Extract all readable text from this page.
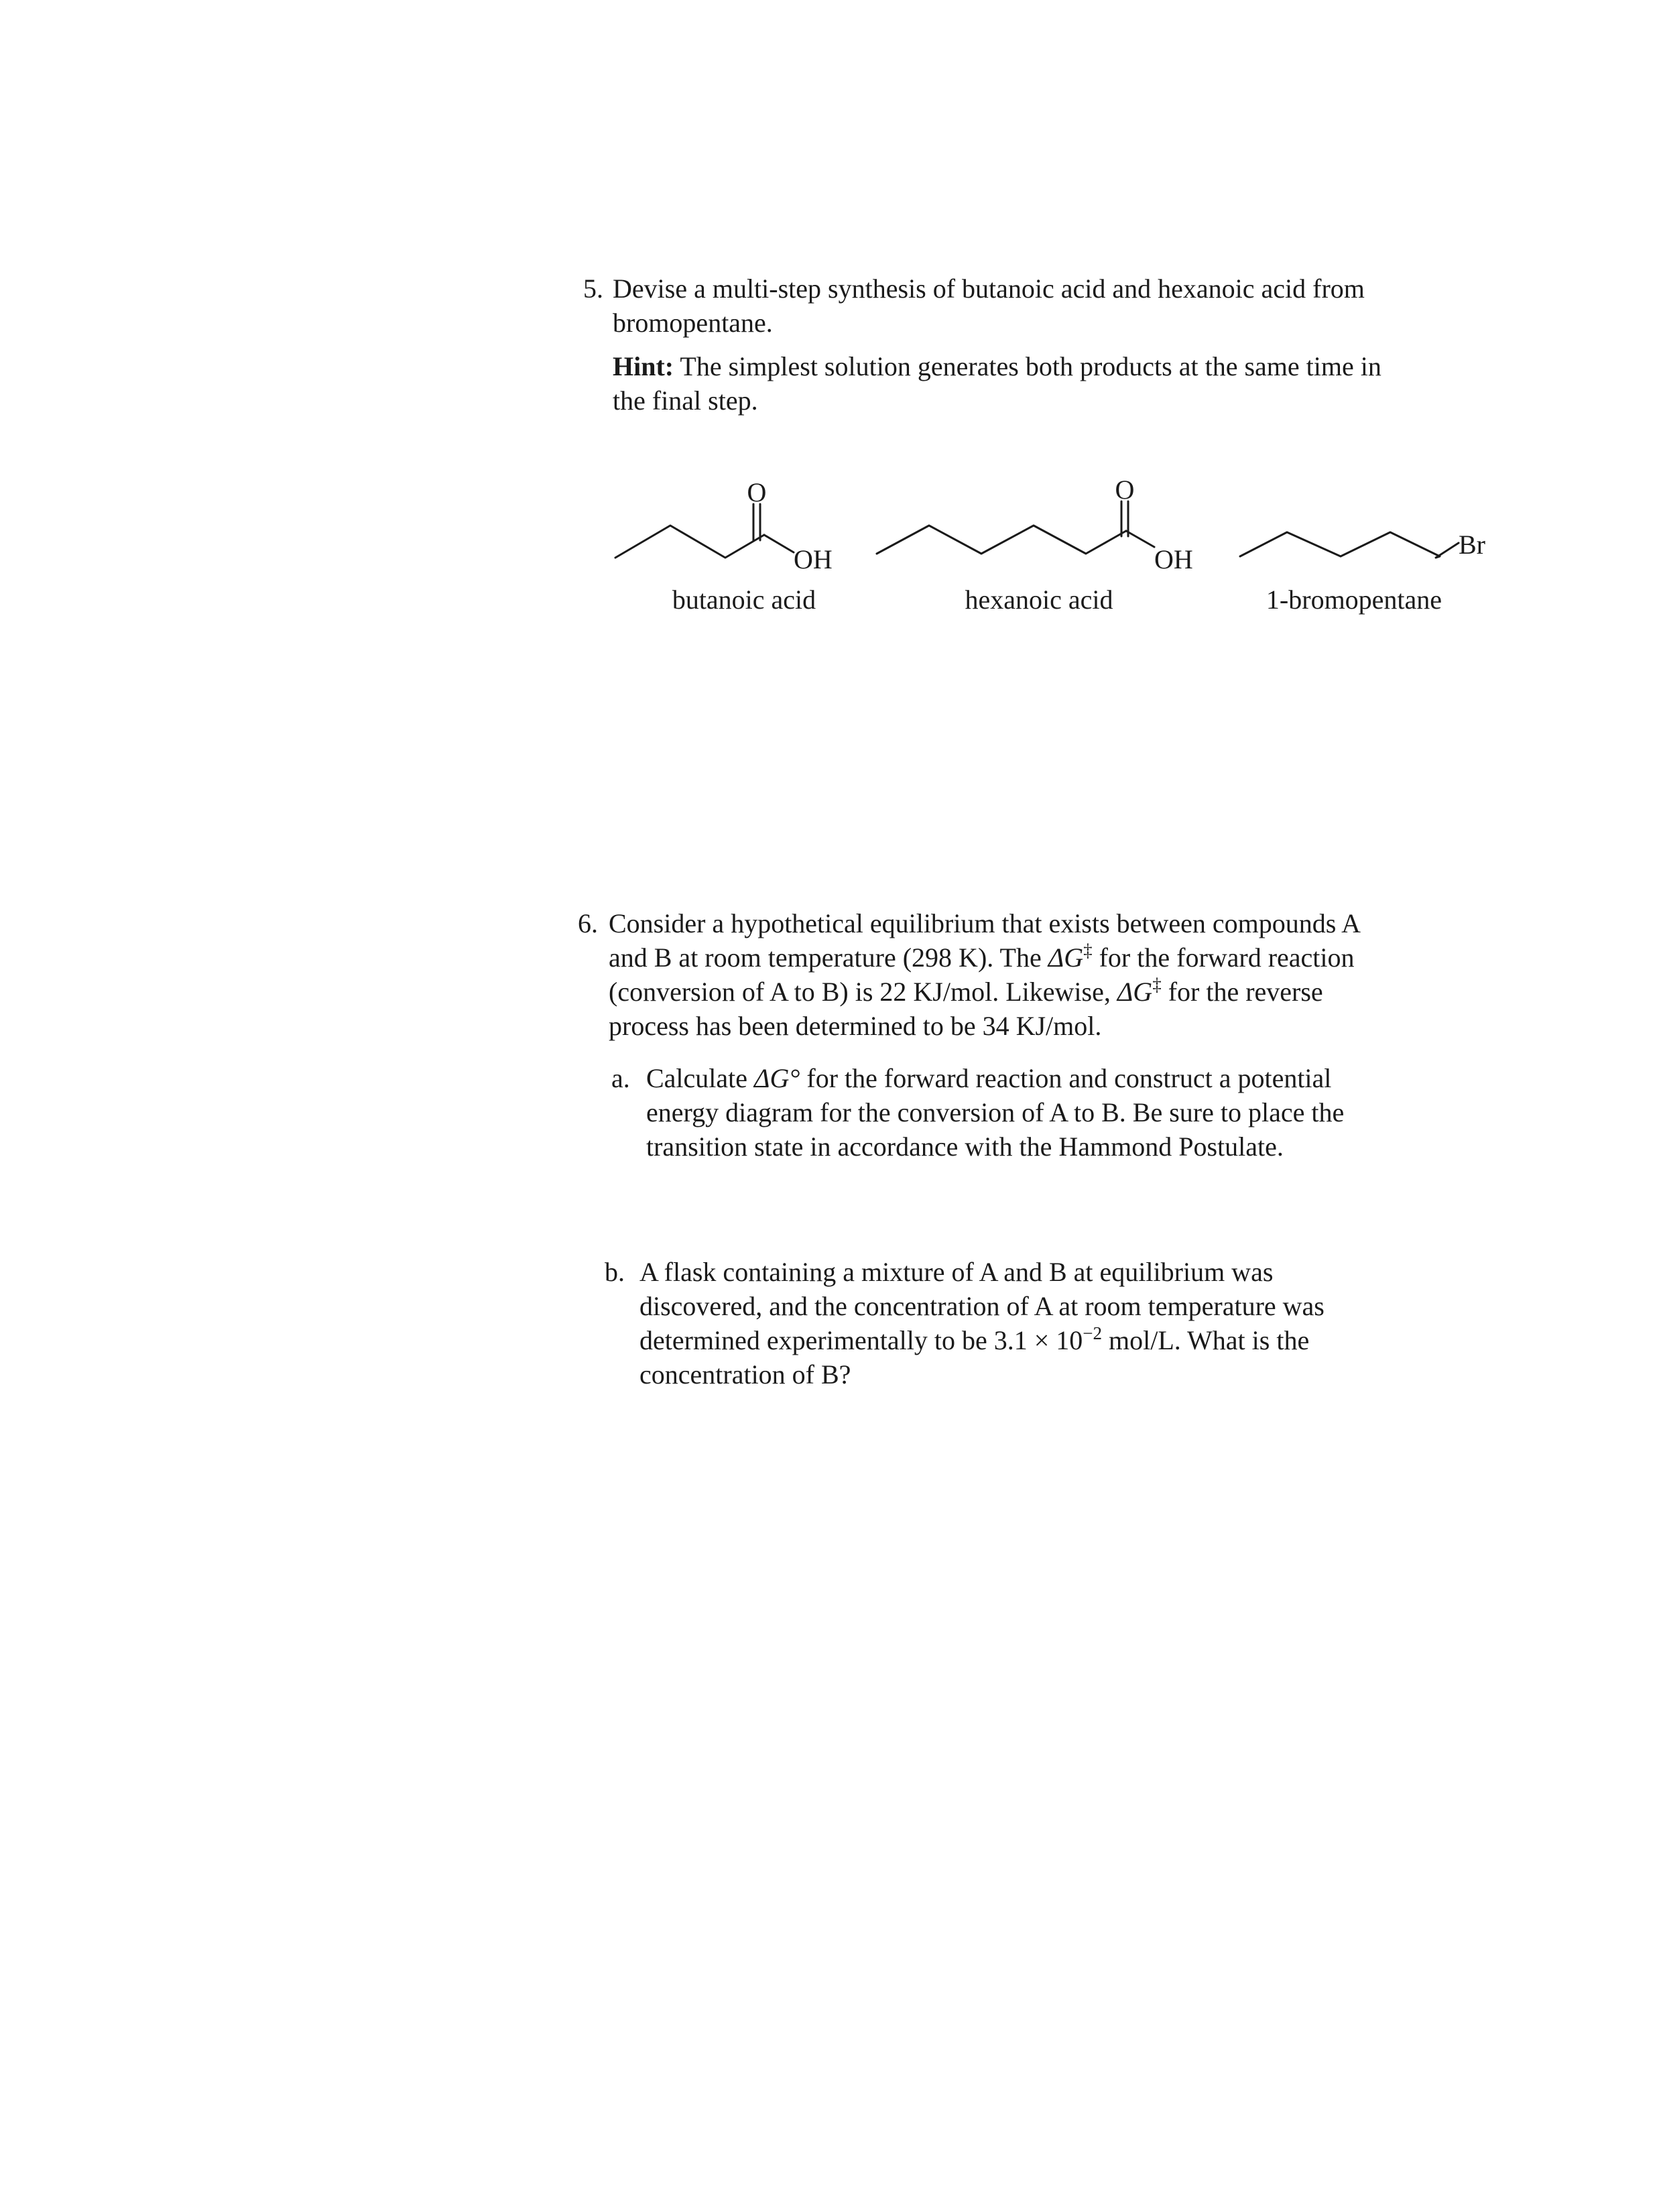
5. Devise a multi-step synthesis of butanoic acid and hexanoic acid from
bromopentane.
Hint: The simplest solution generates both products at the same time in
the final step.
O
OH
O
OH	Br
butanoic acid	hexanoic acid	1-bromopentane
6. Consider a hypothetical equilibrium that exists between compounds A
and B at room temperature (298 K). The ΔG‡ for the forward reaction
(conversion of A to B) is 22 KJ/mol. Likewise, ΔG‡ for the reverse
process has been determined to be 34 KJ/mol.
a. Calculate ΔG° for the forward reaction and construct a potential
energy diagram for the conversion of A to B. Be sure to place the
transition state in accordance with the Hammond Postulate.
b. A flask containing a mixture of A and B at equilibrium was
discovered, and the concentration of A at room temperature was
determined experimentally to be $3.1 \times 10^{-2}$ mol/L. What is the
concentration of B?
